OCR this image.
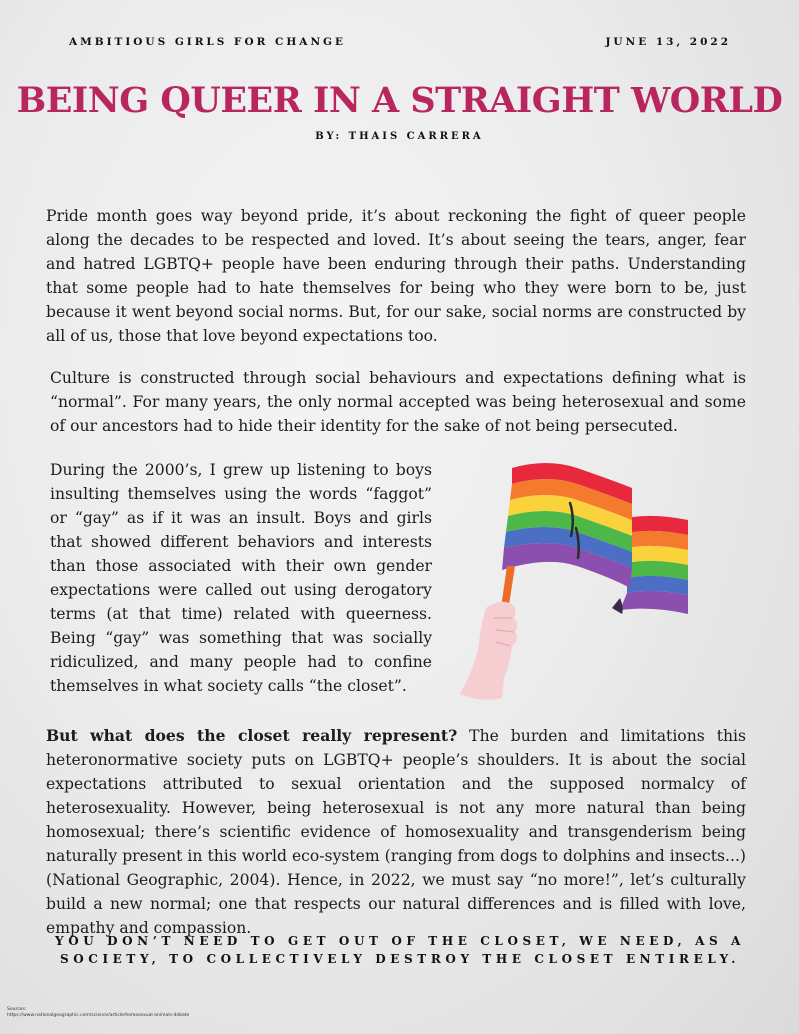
AMBITIOUS GIRLS FOR CHANGE	JUNE 13, 2022
BEING QUEER IN A STRAIGHT WORLD
BY: THAIS CARRERA

Pride month goes way beyond pride, it’s about reckoning the fight of queer people along the decades to be respected and loved. It’s about seeing the tears, anger, fear and hatred LGBTQ+ people have been enduring through their paths. Understanding that some people had to hate themselves for being who they were born to be, just because it went beyond social norms. But, for our sake, social norms are constructed by all of us, those that love beyond expectations too.

Culture is constructed through social behaviours and expectations defining what is “normal”. For many years, the only normal accepted was being heterosexual and some of our ancestors had to hide their identity for the sake of not being persecuted.

During the 2000’s, I grew up listening to boys insulting themselves using the words “faggot” or “gay” as if it was an insult. Boys and girls that showed different behaviors and interests than those associated with their own gender expectations were called out using derogatory terms (at that time) related with queerness. Being “gay” was something that was socially ridiculized, and many people had to confine themselves in what society calls “the closet”.

But what does the closet really represent? The burden and limitations this heteronormative society puts on LGBTQ+ people’s shoulders. It is about the social expectations attributed to sexual orientation and the supposed normalcy of heterosexuality. However, being heterosexual is not any more natural than being homosexual; there’s scientific evidence of homosexuality and transgenderism being naturally present in this world eco-system (ranging from dogs to dolphins and insects...) (National Geographic, 2004). Hence, in 2022, we must say “no more!”, let’s culturally build a new normal; one that respects our natural differences and is filled with love, empathy and compassion.

YOU DON’T NEED TO GET OUT OF THE CLOSET, WE NEED, AS A SOCIETY, TO COLLECTIVELY DESTROY THE CLOSET ENTIRELY.
Sources:
https://www.nationalgeographic.com/science/article/homosexual-animals-debate
